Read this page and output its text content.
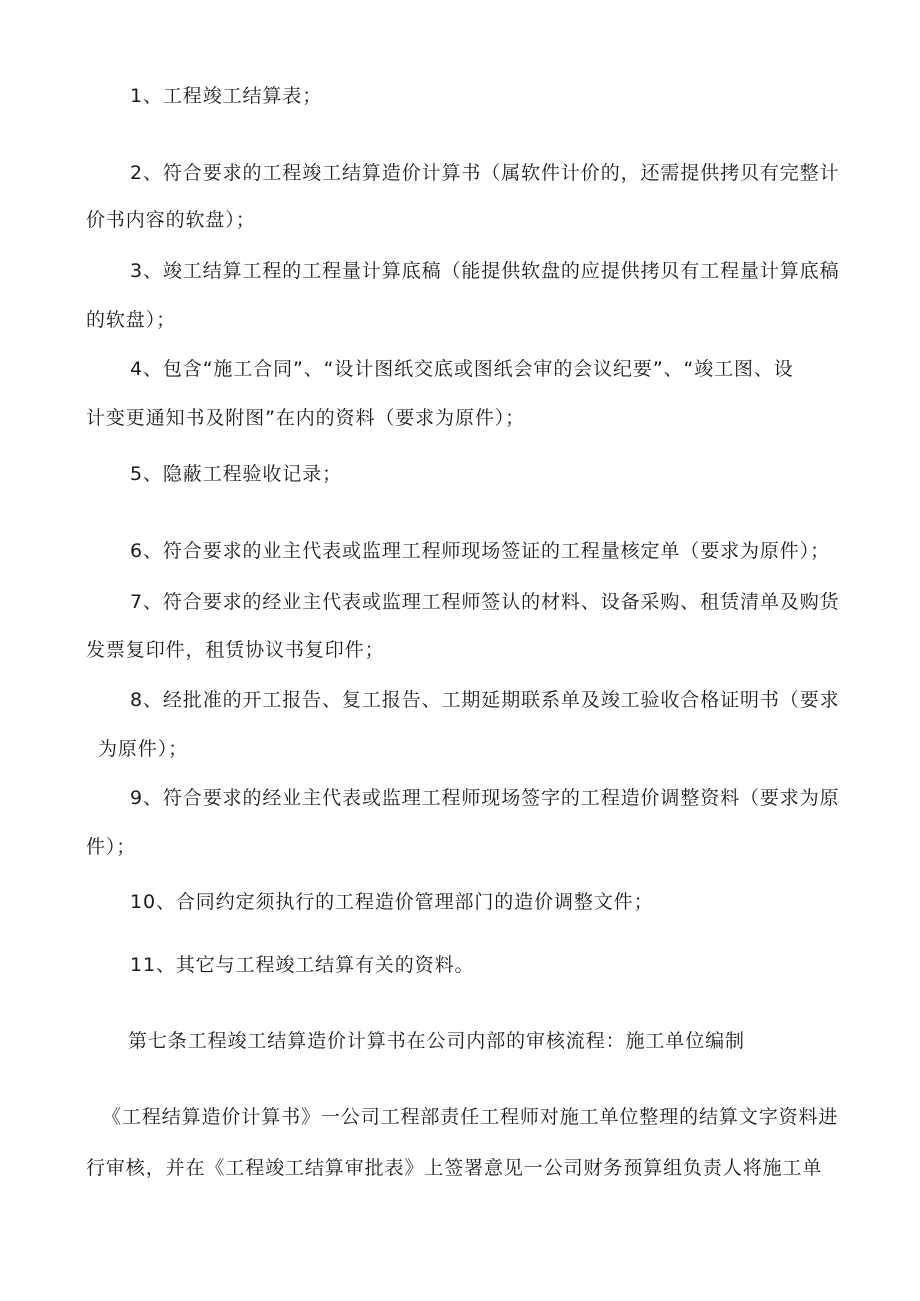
1、工程竣工结算表；

2、符合要求的工程竣工结算造价计算书（属软件计价的，还需提供拷贝有完整计

价书内容的软盘）；

3、竣工结算工程的工程量计算底稿（能提供软盘的应提供拷贝有工程量计算底稿

的软盘）；

4、包含“施工合同”、“设计图纸交底或图纸会审的会议纪要”、“竣工图、设

计变更通知书及附图”在内的资料（要求为原件）；

5、隐蔽工程验收记录；

6、符合要求的业主代表或监理工程师现场签证的工程量核定单（要求为原件）；

7、符合要求的经业主代表或监理工程师签认的材料、设备采购、租赁清单及购货

发票复印件，租赁协议书复印件；

8、经批准的开工报告、复工报告、工期延期联系单及竣工验收合格证明书（要求

为原件）；

9、符合要求的经业主代表或监理工程师现场签字的工程造价调整资料（要求为原

件）；

10、合同约定须执行的工程造价管理部门的造价调整文件；

11、其它与工程竣工结算有关的资料。

第七条工程竣工结算造价计算书在公司内部的审核流程：施工单位编制

《工程结算造价计算书》一公司工程部责任工程师对施工单位整理的结算文字资料进

行审核，并在《工程竣工结算审批表》上签署意见一公司财务预算组负责人将施工单
